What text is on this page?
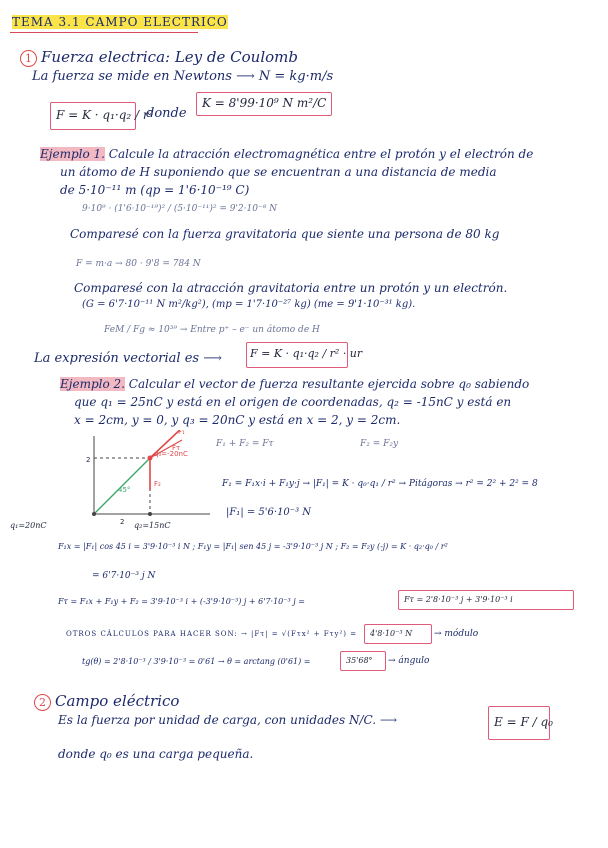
TEMA 3.1 CAMPO ELECTRICO
1 Fuerza electrica: Ley de Coulomb
La fuerza se mide en Newtons ⟶ N = kg·m/s
F = K · q₁·q₂ / r²
donde
K = 8'99·10⁹ N m²/C
Ejemplo 1. Calcule la atracción electromagnética entre el protón y el electrón de
un átomo de H suponiendo que se encuentran a una distancia de media
de 5·10⁻¹¹ m (qp = 1'6·10⁻¹⁹ C)
9·10⁹ · (1'6·10⁻¹⁹)² / (5·10⁻¹¹)² = 9'2·10⁻⁸ N
Comparesé con la fuerza gravitatoria que siente una persona de 80 kg
F = m·a → 80 · 9'8 = 784 N
Comparesé con la atracción gravitatoria entre un protón y un electrón.
(G = 6'7·10⁻¹¹ N m²/kg²), (mp = 1'7·10⁻²⁷ kg) (me = 9'1·10⁻³¹ kg).
FeM / Fg ≈ 10³⁹ → Entre p⁺ – e⁻ un átomo de H
La expresión vectorial es ⟶	F = K · q₁·q₂ / r² · ur
Ejemplo 2. Calcular el vector de fuerza resultante ejercida sobre q₀ sabiendo
que q₁ = 25nC y está en el origen de coordenadas, q₂ = -15nC y está en
x = 2cm, y = 0, y q₃ = 20nC y está en x = 2, y = 2cm.
2
2
45°
q₀=-20nC
F₁
F₂
Fτ
q₁=20nC	q₂=15nC
F₁ + F₂ = Fτ	F₂ = F₂y
F₁ = F₁x·i + F₁y·j → |F₁| = K · q₀·q₁ / r² → Pitágoras → r² = 2² + 2² = 8
|F₁| = 5'6·10⁻³ N
F₁x = |F₁| cos 45 i = 3'9·10⁻³ i N ; F₁y = |F₁| sen 45 j = -3'9·10⁻³ j N ; F₂ = F₂y (-j) = K · q₂·q₀ / r²
= 6'7·10⁻³ j N
Fτ = F₁x + F₁y + F₂ = 3'9·10⁻³ i + (-3'9·10⁻³) j + 6'7·10⁻³ j =	Fτ = 2'8·10⁻³ j + 3'9·10⁻³ i
OTROS CÁLCULOS PARA HACER SON: → |Fτ| = √(Fτx² + Fτy²) = 4'8·10⁻³ N → módulo
tg(θ) = 2'8·10⁻³ / 3'9·10⁻³ = 0'61 → θ = arctang (0'61) =	35'68° → ángulo
2 Campo eléctrico
Es la fuerza por unidad de carga, con unidades N/C. ⟶	E = F / q₀
donde q₀ es una carga pequeña.
